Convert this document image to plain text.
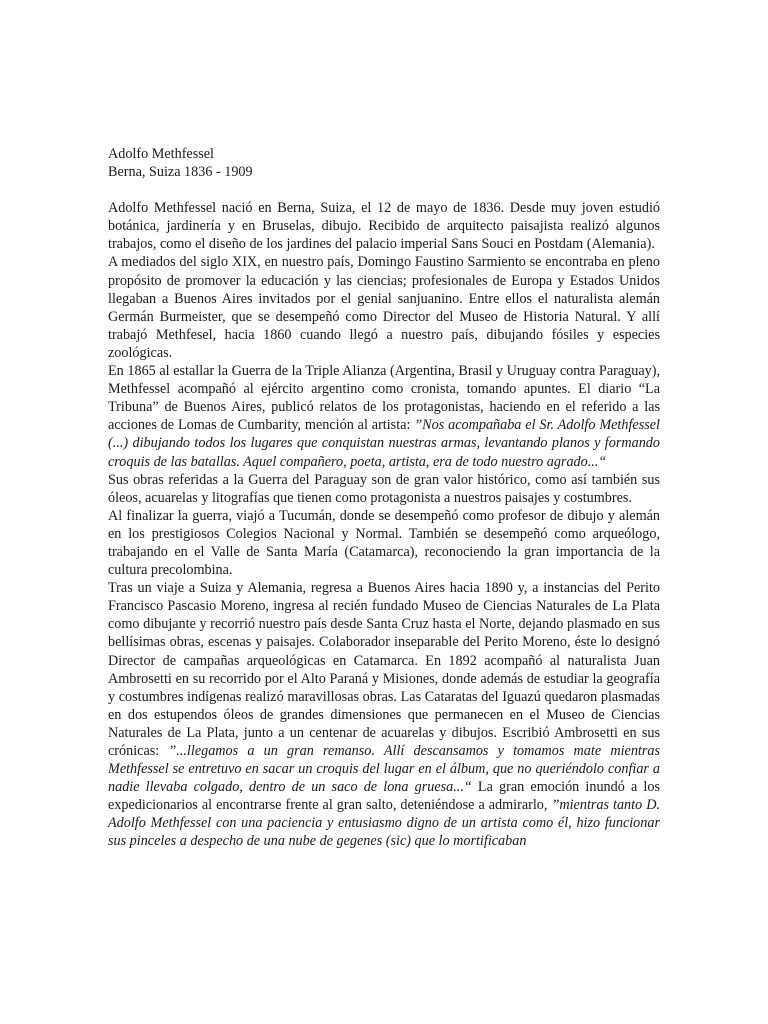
Adolfo Methfessel
Berna, Suiza 1836 - 1909

Adolfo Methfessel nació en Berna, Suiza, el 12 de mayo de 1836. Desde muy joven estudió botánica, jardinería y en Bruselas, dibujo. Recibido de arquitecto paisajista realizó algunos trabajos, como el diseño de los jardines del palacio imperial Sans Souci en Postdam (Alemania).

A mediados del siglo XIX, en nuestro país, Domingo Faustino Sarmiento se encontraba en pleno propósito de promover la educación y las ciencias; profesionales de Europa y Estados Unidos llegaban a Buenos Aires invitados por el genial sanjuanino. Entre ellos el naturalista alemán Germán Burmeister, que se desempeñó como Director del Museo de Historia Natural. Y allí trabajó Methfesel, hacia 1860 cuando llegó a nuestro país, dibujando fósiles y especies zoológicas.

En 1865 al estallar la Guerra de la Triple Alianza (Argentina, Brasil y Uruguay contra Paraguay), Methfessel acompañó al ejército argentino como cronista, tomando apuntes. El diario “La Tribuna” de Buenos Aires, publicó relatos de los protagonistas, haciendo en el referido a las acciones de Lomas de Cumbarity, mención al artista: ”Nos acompañaba el Sr. Adolfo Methfessel (...) dibujando todos los lugares que conquistan nuestras armas, levantando planos y formando croquis de las batallas. Aquel compañero, poeta, artista, era de todo nuestro agrado...“

Sus obras referidas a la Guerra del Paraguay son de gran valor histórico, como así también sus óleos, acuarelas y litografías que tienen como protagonista a nuestros paisajes y costumbres.

Al finalizar la guerra, viajó a Tucumán, donde se desempeñó como profesor de dibujo y alemán en los prestigiosos Colegios Nacional y Normal. También se desempeñó como arqueólogo, trabajando en el Valle de Santa María (Catamarca), reconociendo la gran importancia de la cultura precolombina.

Tras un viaje a Suiza y Alemania, regresa a Buenos Aires hacia 1890 y, a instancias del Perito Francisco Pascasio Moreno, ingresa al recién fundado Museo de Ciencias Naturales de La Plata como dibujante y recorrió nuestro país desde Santa Cruz hasta el Norte, dejando plasmado en sus bellísimas obras, escenas y paisajes. Colaborador inseparable del Perito Moreno, éste lo designó Director de campañas arqueológicas en Catamarca. En 1892 acompañó al naturalista Juan Ambrosetti en su recorrido por el Alto Paraná y Misiones, donde además de estudiar la geografía y costumbres indígenas realizó maravillosas obras. Las Cataratas del Iguazú quedaron plasmadas en dos estupendos óleos de grandes dimensiones que permanecen en el Museo de Ciencias Naturales de La Plata, junto a un centenar de acuarelas y dibujos. Escribió Ambrosetti en sus crónicas: ”...llegamos a un gran remanso. Allí descansamos y tomamos mate mientras Methfessel se entretuvo en sacar un croquis del lugar en el álbum, que no queriéndolo confiar a nadie llevaba colgado, dentro de un saco de lona gruesa...“ La gran emoción inundó a los expedicionarios al encontrarse frente al gran salto, deteniéndose a admirarlo, ”mientras tanto D. Adolfo Methfessel con una paciencia y entusiasmo digno de un artista como él, hizo funcionar sus pinceles a despecho de una nube de gegenes (sic) que lo mortificaban
